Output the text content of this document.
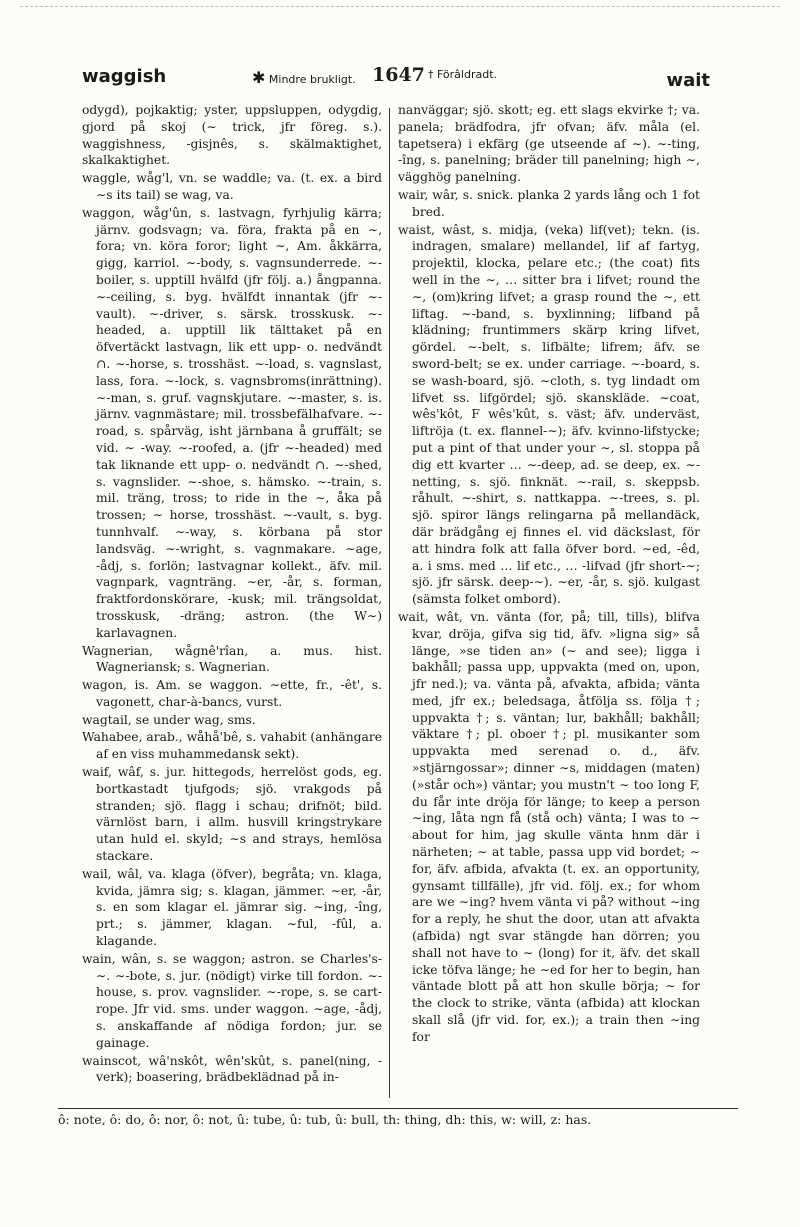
waggish	✱ Mindre brukligt. 1647 † Förâldradt.	wait

odygd), pojkaktig; yster, uppsluppen, odygdig, gjord på skoj (∼ trick, jfr föreg. s.). waggishness, -gisjnês, s. skälmaktighet, skalkaktighet.

waggle, wåg'l, vn. se waddle; va. (t. ex. a bird ∼s its tail) se wag, va.

waggon, wåg'ûn, s. lastvagn, fyrhjulig kärra; järnv. godsvagn; va. föra, frakta på en ∼, fora; vn. köra foror; light ∼, Am. åkkärra, gigg, karriol. ∼-body, s. vagnsunderrede. ∼-boiler, s. upptill hvälfd (jfr följ. a.) ångpanna. ∼-ceiling, s. byg. hvälfdt innantak (jfr ∼-vault). ∼-driver, s. särsk. trosskusk. ∼-headed, a. upptill lik tälttaket på en öfvertäckt lastvagn, lik ett upp- o. nedvändt ∩. ∼-horse, s. trosshäst. ∼-load, s. vagnslast, lass, fora. ∼-lock, s. vagnsbroms(inrättning). ∼-man, s. gruf. vagnskjutare. ∼-master, s. is. järnv. vagnmästare; mil. trossbefälhafvare. ∼-road, s. spårväg, isht järnbana å gruffält; se vid. ∼ -way. ∼-roofed, a. (jfr ∼-headed) med tak liknande ett upp- o. nedvändt ∩. ∼-shed, s. vagnslider. ∼-shoe, s. hämsko. ∼-train, s. mil. träng, tross; to ride in the ∼, åka på trossen; ∼ horse, trosshäst. ∼-vault, s. byg. tunnhvalf. ∼-way, s. körbana på stor landsväg. ∼-wright, s. vagnmakare. ∼age, -ådj, s. forlön; lastvagnar kollekt., äfv. mil. vagnpark, vagnträng. ∼er, -år, s. forman, fraktfordonskörare, -kusk; mil. trängsoldat, trosskusk, -dräng; astron. (the W∼) karlavagnen.

Wagnerian, wågnê'rîan, a. mus. hist. Wagneriansk; s. Wagnerian.

wagon, is. Am. se waggon. ∼ette, fr., -êt', s. vagonett, char-à-bancs, vurst.

wagtail, se under wag, sms.

Wahabee, arab., wåhå'bê, s. vahabit (anhängare af en viss muhammedansk sekt).

waif, wâf, s. jur. hittegods, herrelöst gods, eg. bortkastadt tjufgods; sjö. vrakgods på stranden; sjö. flagg i schau; drifnöt; bild. värnlöst barn, i allm. husvill kringstrykare utan huld el. skyld; ∼s and strays, hemlösa stackare.

wail, wâl, va. klaga (öfver), begråta; vn. klaga, kvida, jämra sig; s. klagan, jämmer. ∼er, -år, s. en som klagar el. jämrar sig. ∼ing, -îng, prt.; s. jämmer, klagan. ∼ful, -fûl, a. klagande.

wain, wân, s. se waggon; astron. se Charles's-∼. ∼-bote, s. jur. (nödigt) virke till fordon. ∼-house, s. prov. vagnslider. ∼-rope, s. se cart-rope. Jfr vid. sms. under waggon. ∼age, -ådj, s. anskaffande af nödiga fordon; jur. se gainage.

wainscot, wâ'nskôt, wên'skût, s. panel(ning, -verk); boasering, brädbeklädnad på in-

nanväggar; sjö. skott; eg. ett slags ekvirke †; va. panela; brädfodra, jfr ofvan; äfv. måla (el. tapetsera) i ekfärg (ge utseende af ∼). ∼-ting, -îng, s. panelning; bräder till panelning; high ∼, vägghög panelning.

wair, wâr, s. snick. planka 2 yards lång och 1 fot bred.

waist, wâst, s. midja, (veka) lif(vet); tekn. (is. indragen, smalare) mellandel, lif af fartyg, projektil, klocka, pelare etc.; (the coat) fits well in the ∼, … sitter bra i lifvet; round the ∼, (om)kring lifvet; a grasp round the ∼, ett liftag. ∼-band, s. byxlinning; lifband på klädning; fruntimmers skärp kring lifvet, gördel. ∼-belt, s. lifbälte; lifrem; äfv. se sword-belt; se ex. under carriage. ∼-board, s. se wash-board, sjö. ∼cloth, s. tyg lindadt om lifvet ss. lifgördel; sjö. skanskläde. ∼coat, wês'kôt, F wês'kût, s. väst; äfv. underväst, liftröja (t. ex. flannel-∼); äfv. kvinno-lifstycke; put a pint of that under your ∼, sl. stoppa på dig ett kvarter … ∼-deep, ad. se deep, ex. ∼-netting, s. sjö. finknät. ∼-rail, s. skeppsb. råhult. ∼-shirt, s. nattkappa. ∼-trees, s. pl. sjö. spiror längs relingarna på mellandäck, där brädgång ej finnes el. vid däckslast, för att hindra folk att falla öfver bord. ∼ed, -êd, a. i sms. med … lif etc., … -lifvad (jfr short-∼; sjö. jfr särsk. deep-∼). ∼er, -år, s. sjö. kulgast (sämsta folket ombord).

wait, wât, vn. vänta (for, på; till, tills), blifva kvar, dröja, gifva sig tid, äfv. »ligna sig» så länge, »se tiden an» (∼ and see); ligga i bakhåll; passa upp, uppvakta (med on, upon, jfr ned.); va. vänta på, afvakta, afbida; vänta med, jfr ex.; beledsaga, åtfölja ss. följa †; uppvakta †; s. väntan; lur, bakhåll; bakhåll; väktare †; pl. oboer †; pl. musikanter som uppvakta med serenad o. d., äfv. »stjärngossar»; dinner ∼s, middagen (maten) (»står och») väntar; you mustn't ∼ too long F, du får inte dröja för länge; to keep a person ∼ing, låta ngn få (stå och) vänta; I was to ∼ about for him, jag skulle vänta hnm där i närheten; ∼ at table, passa upp vid bordet; ∼ for, äfv. afbida, afvakta (t. ex. an opportunity, gynsamt tillfälle), jfr vid. följ. ex.; for whom are we ∼ing? hvem vänta vi på? without ∼ing for a reply, he shut the door, utan att afvakta (afbida) ngt svar stängde han dörren; you shall not have to ∼ (long) for it, äfv. det skall icke töfva länge; he ∼ed for her to begin, han väntade blott på att hon skulle börja; ∼ for the clock to strike, vänta (afbida) att klockan skall slå (jfr vid. for, ex.); a train then ∼ing for

ô: note, ô: do, ô: nor, ô: not, û: tube, û: tub, û: bull, th: thing, dh: this, w: will, z: has.
